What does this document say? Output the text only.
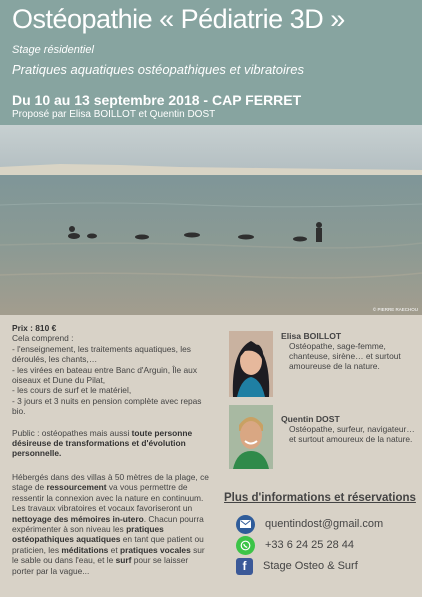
Ostéopathie « Pédiatrie 3D »
Stage résidentiel
Pratiques aquatiques ostéopathiques et vibratoires
Du 10 au 13 septembre 2018 - CAP FERRET
Proposé par Elisa BOILLOT et Quentin DOST
© PIERRE RAECHOU

Prix : 810 €
Cela comprend :
- l'enseignement, les traitements aquatiques, les déroulés, les chants,…
- les virées en bateau entre Banc d'Arguin, Île aux oiseaux et Dune du Pilat,
- les cours de surf et le matériel,
- 3 jours et 3 nuits en pension complète avec repas bio.

Public : ostéopathes mais aussi toute personne désireuse de transformations et d'évolution personnelle.

Hébergés dans des villas à 50 mètres de la plage, ce stage de ressourcement va vous permettre de ressentir la connexion avec la nature en continuum. Les travaux vibratoires et vocaux favoriseront un nettoyage des mémoires in-utero. Chacun pourra expérimenter à son niveau les pratiques ostéopathiques aquatiques en tant que patient ou praticien, les méditations et pratiques vocales sur le sable ou dans l'eau, et le surf pour se laisser porter par la vague...

Elisa BOILLOT
Ostéopathe, sage-femme, chanteuse, sirène… et surtout amoureuse de la nature.
Quentin DOST
Ostéopathe, surfeur, navigateur… et surtout amoureux de la nature.
Plus d'informations et réservations
quentindost@gmail.com
+33 6 24 25 28 44
f Stage Osteo & Surf
